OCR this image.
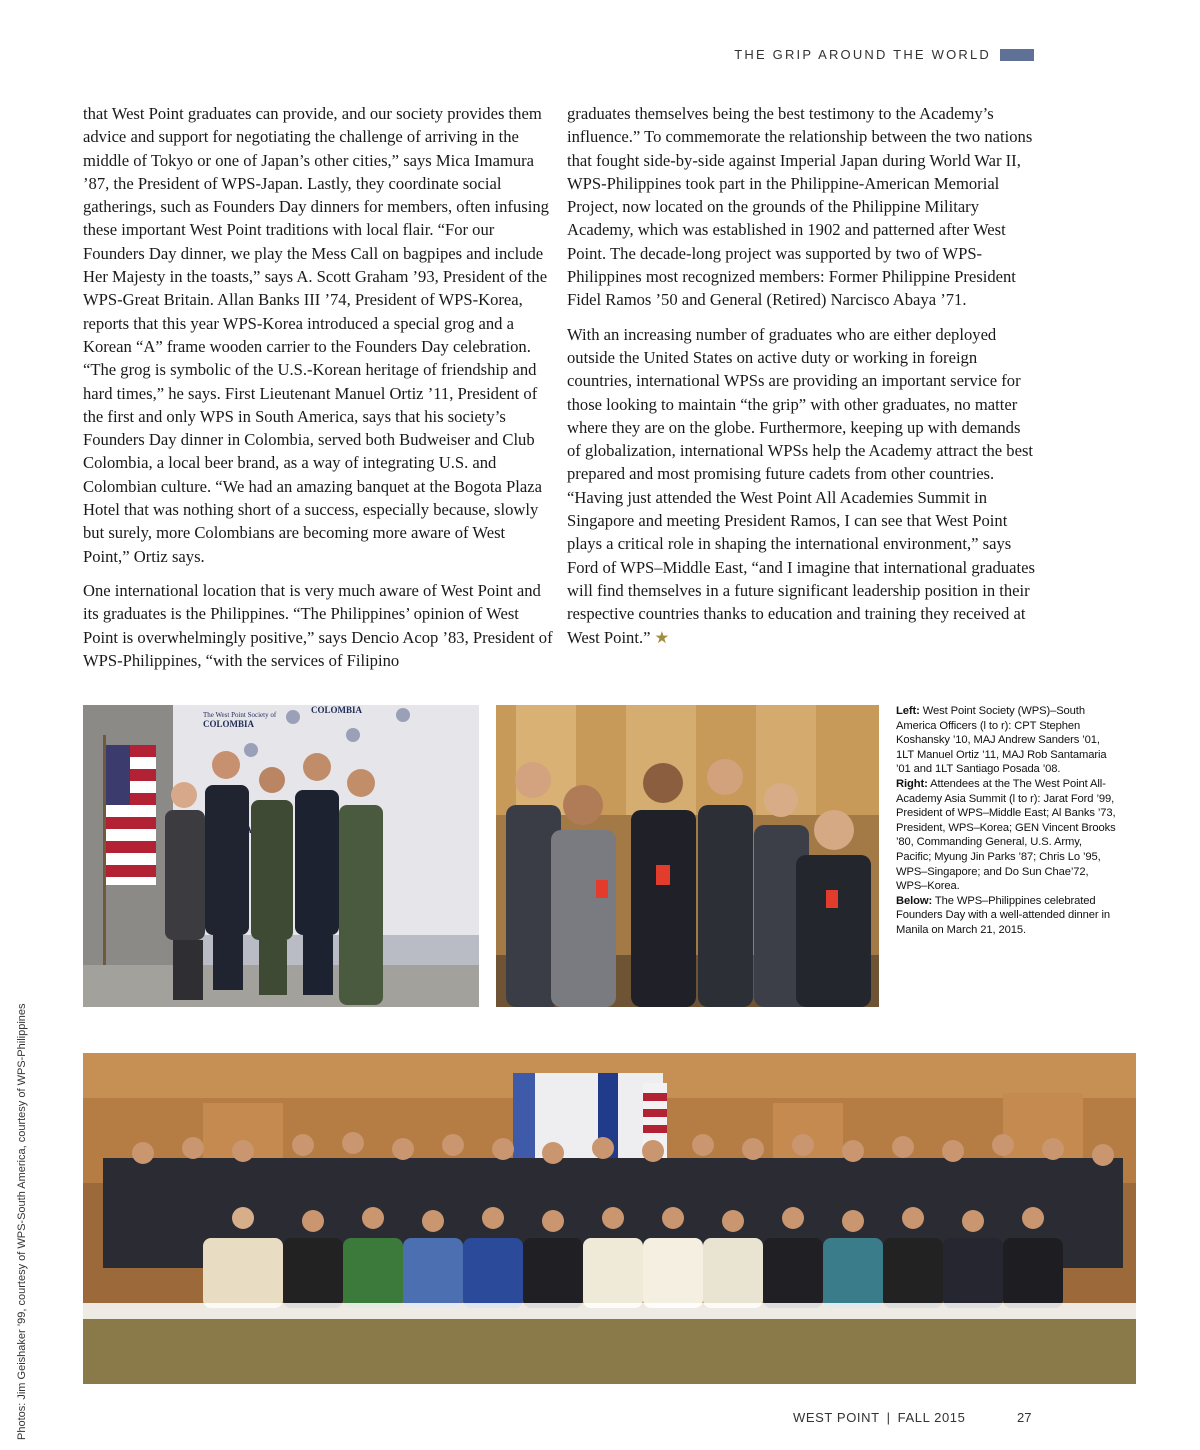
THE GRIP AROUND THE WORLD

that West Point graduates can provide, and our society provides them advice and support for negotiating the challenge of arriving in the middle of Tokyo or one of Japan’s other cities,” says Mica Imamura ’87, the President of WPS-Japan. Lastly, they coordinate social gatherings, such as Founders Day dinners for members, often infusing these important West Point traditions with local flair. “For our Founders Day dinner, we play the Mess Call on bagpipes and include Her Majesty in the toasts,” says A. Scott Graham ’93, President of the WPS-Great Britain. Allan Banks III ’74, President of WPS-Korea, reports that this year WPS-Korea introduced a special grog and a Korean “A” frame wooden carrier to the Founders Day celebration. “The grog is symbolic of the U.S.-Korean heritage of friendship and hard times,” he says. First Lieutenant Manuel Ortiz ’11, President of the first and only WPS in South America, says that his society’s Founders Day dinner in Colombia, served both Budweiser and Club Colombia, a local beer brand, as a way of integrating U.S. and Colombian culture. “We had an amazing banquet at the Bogota Plaza Hotel that was nothing short of a success, especially because, slowly but surely, more Colombians are becoming more aware of West Point,” Ortiz says.

One international location that is very much aware of West Point and its graduates is the Philippines. “The Philippines’ opinion of West Point is overwhelmingly positive,” says Dencio Acop ’83, President of WPS-Philippines, “with the services of Filipino

graduates themselves being the best testimony to the Academy’s influence.” To commemorate the relationship between the two nations that fought side-by-side against Imperial Japan during World War II, WPS-Philippines took part in the Philippine-American Memorial Project, now located on the grounds of the Philippine Military Academy, which was established in 1902 and patterned after West Point. The decade-long project was supported by two of WPS-Philippines most recognized members: Former Philippine President Fidel Ramos ’50 and General (Retired) Narcisco Abaya ’71.

With an increasing number of graduates who are either deployed outside the United States on active duty or working in foreign countries, international WPSs are providing an important service for those looking to maintain “the grip” with other graduates, no matter where they are on the globe. Furthermore, keeping up with demands of globalization, international WPSs help the Academy attract the best prepared and most promising future cadets from other countries. “Having just attended the West Point All Academies Summit in Singapore and meeting President Ramos, I can see that West Point plays a critical role in shaping the international environment,” says Ford of WPS–Middle East, “and I imagine that international graduates will find themselves in a future significant leadership position in their respective countries thanks to education and training they received at West Point.” ★

The West Point Society of
COLOMBIA
COLOMBIA	Left: West Point Society (WPS)–South America Officers (l to r): CPT Stephen Koshansky ’10, MAJ Andrew Sanders ’01, 1LT Manuel Ortiz ’11, MAJ Rob Santamaria ’01 and 1LT Santiago Posada ’08.
Right: Attendees at the The West Point All-Academy Asia Summit (l to r): Jarat Ford ’99, President of WPS–Middle East; Al Banks ’73, President, WPS–Korea; GEN Vincent Brooks ’80, Commanding General, U.S. Army, Pacific; Myung Jin Parks ’87; Chris Lo ’95, WPS–Singapore; and Do Sun Chae’72, WPS–Korea.
Below: The WPS–Philippines celebrated Founders Day with a well-attended dinner in Manila on March 21, 2015.
Photos: Jim Geishaker ’99, courtesy of WPS-South America, courtesy of WPS-Philippines	WEST POINT | FALL 2015	27
